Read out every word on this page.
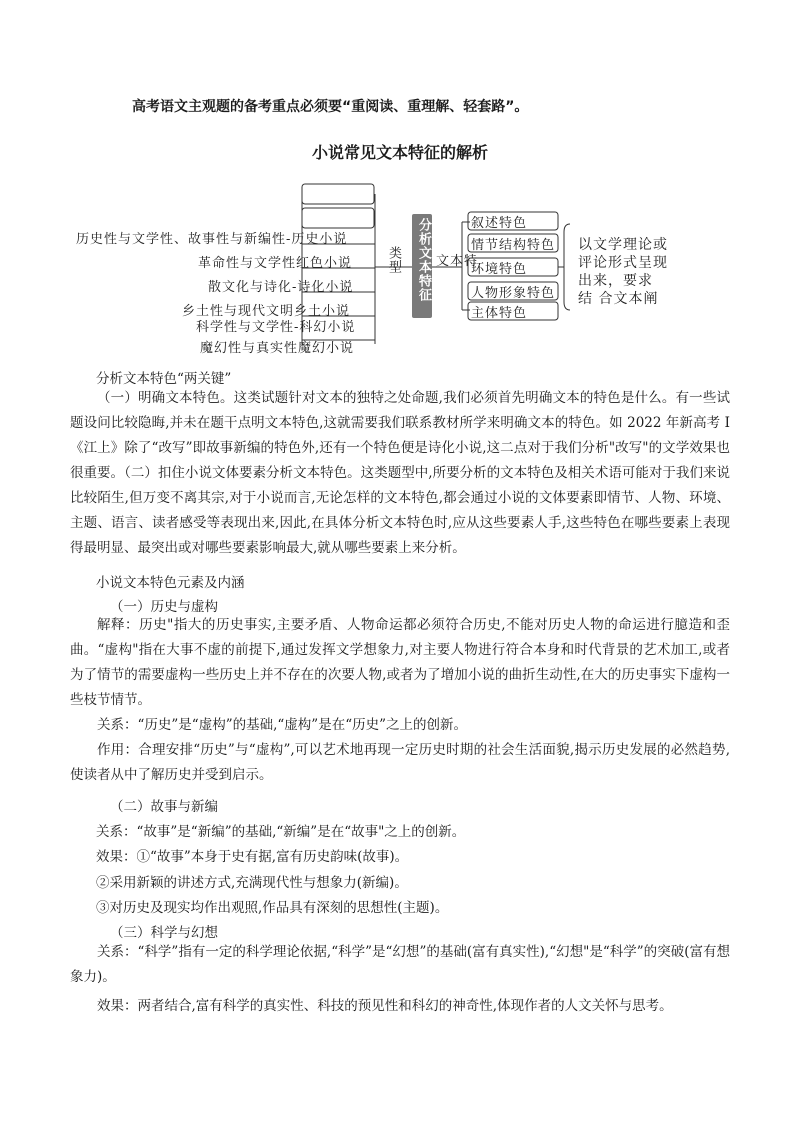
高考语文主观题的备考重点必须要“重阅读、重理解、轻套路”。
小说常见文本特征的解析
历史性与文学性、故事性与新编性-历史小说
革命性与文学性红色小说
散文化与诗化-诗化小说
乡土性与现代文明乡土小说
科学性与文学性-科幻小说
魔幻性与真实性魔幻小说
类型 分析文本特征 文本特
叙述特色
情节结构特色
环境特色
人物形象特色
主体特色
以文学理论或
评论形式呈现
出来，要求
结 合文本阐
分析文本特色“两关键”
（一）明确文本特色。这类试题针对文本的独特之处命题,我们必须首先明确文本的特色是什么。有一些试题设问比较隐晦,并未在题干点明文本特色,这就需要我们联系教材所学来明确文本的特色。如 2022 年新高考 I《江上》除了“改写”即故事新编的特色外,还有一个特色便是诗化小说,这二点对于我们分析"改写"的文学效果也很重要。（二）扣住小说文体要素分析文本特色。这类题型中,所要分析的文本特色及相关术语可能对于我们来说比较陌生,但万变不离其宗,对于小说而言,无论怎样的文本特色,都会通过小说的文体要素即情节、人物、环境、主题、语言、读者感受等表现出来,因此,在具体分析文本特色时,应从这些要素人手,这些特色在哪些要素上表现得最明显、最突出或对哪些要素影响最大,就从哪些要素上来分析。
小说文本特色元素及内涵
（一）历史与虚构
解释：历史"指大的历史事实,主要矛盾、人物命运都必须符合历史,不能对历史人物的命运进行臆造和歪曲。“虚构"指在大事不虚的前提下,通过发挥文学想象力,对主要人物进行符合本身和时代背景的艺术加工,或者为了情节的需要虚构一些历史上并不存在的次要人物,或者为了增加小说的曲折生动性,在大的历史事实下虚构一些枝节情节。
关系：“历史”是“虚构”的基础,“虚构”是在“历史”之上的创新。
作用：合理安排“历史”与“虚构”,可以艺术地再现一定历史时期的社会生活面貌,揭示历史发展的必然趋势,使读者从中了解历史并受到启示。
（二）故事与新编
关系：“故事”是“新编”的基础,“新编”是在“故事"之上的创新。
效果：①“故事”本身于史有据,富有历史韵味(故事)。
②采用新颖的讲述方式,充满现代性与想象力(新编)。
③对历史及现实均作出观照,作品具有深刻的思想性(主题)。
（三）科学与幻想
关系：“科学”指有一定的科学理论依据,“科学”是“幻想”的基础(富有真实性),“幻想"是“科学”的突破(富有想象力)。
效果：两者结合,富有科学的真实性、科技的预见性和科幻的神奇性,体现作者的人文关怀与思考。
